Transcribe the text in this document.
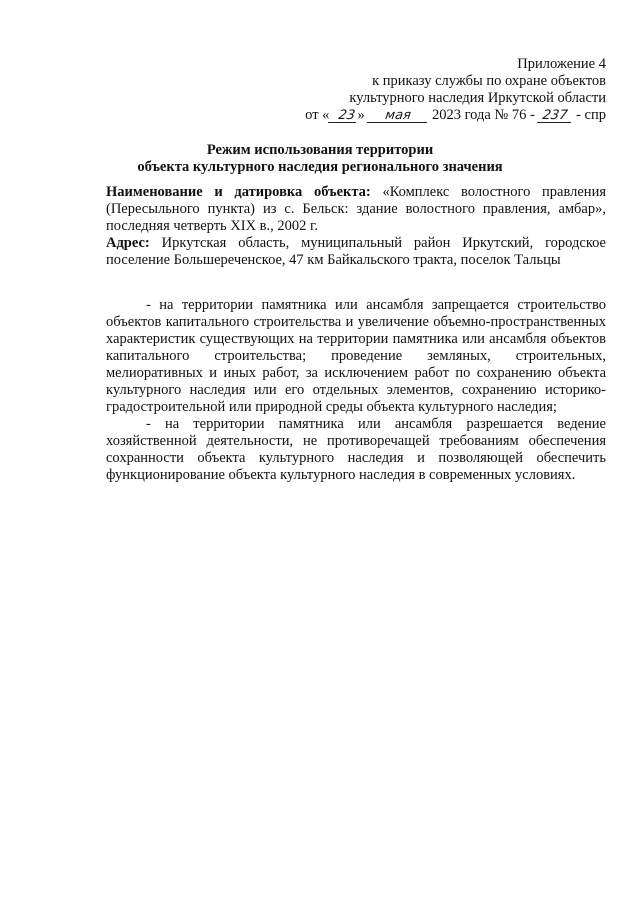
Приложение 4
к приказу службы по охране объектов
культурного наследия Иркутской области
от « 23» мая 2023 года № 76 - 237 - спр
Режим использования территории
объекта культурного наследия регионального значения

Наименование и датировка объекта: «Комплекс волостного правления (Пересыльного пункта) из с. Бельск: здание волостного правления, амбар», последняя четверть XIX в., 2002 г.

Адрес: Иркутская область, муниципальный район Иркутский, городское поселение Большереченское, 47 км Байкальского тракта, поселок Тальцы

- на территории памятника или ансамбля запрещается строительство объектов капитального строительства и увеличение объемно-пространственных характеристик существующих на территории памятника или ансамбля объектов капитального строительства; проведение земляных, строительных, мелиоративных и иных работ, за исключением работ по сохранению объекта культурного наследия или его отдельных элементов, сохранению историко-градостроительной или природной среды объекта культурного наследия;

- на территории памятника или ансамбля разрешается ведение хозяйственной деятельности, не противоречащей требованиям обеспечения сохранности объекта культурного наследия и позволяющей обеспечить функционирование объекта культурного наследия в современных условиях.
